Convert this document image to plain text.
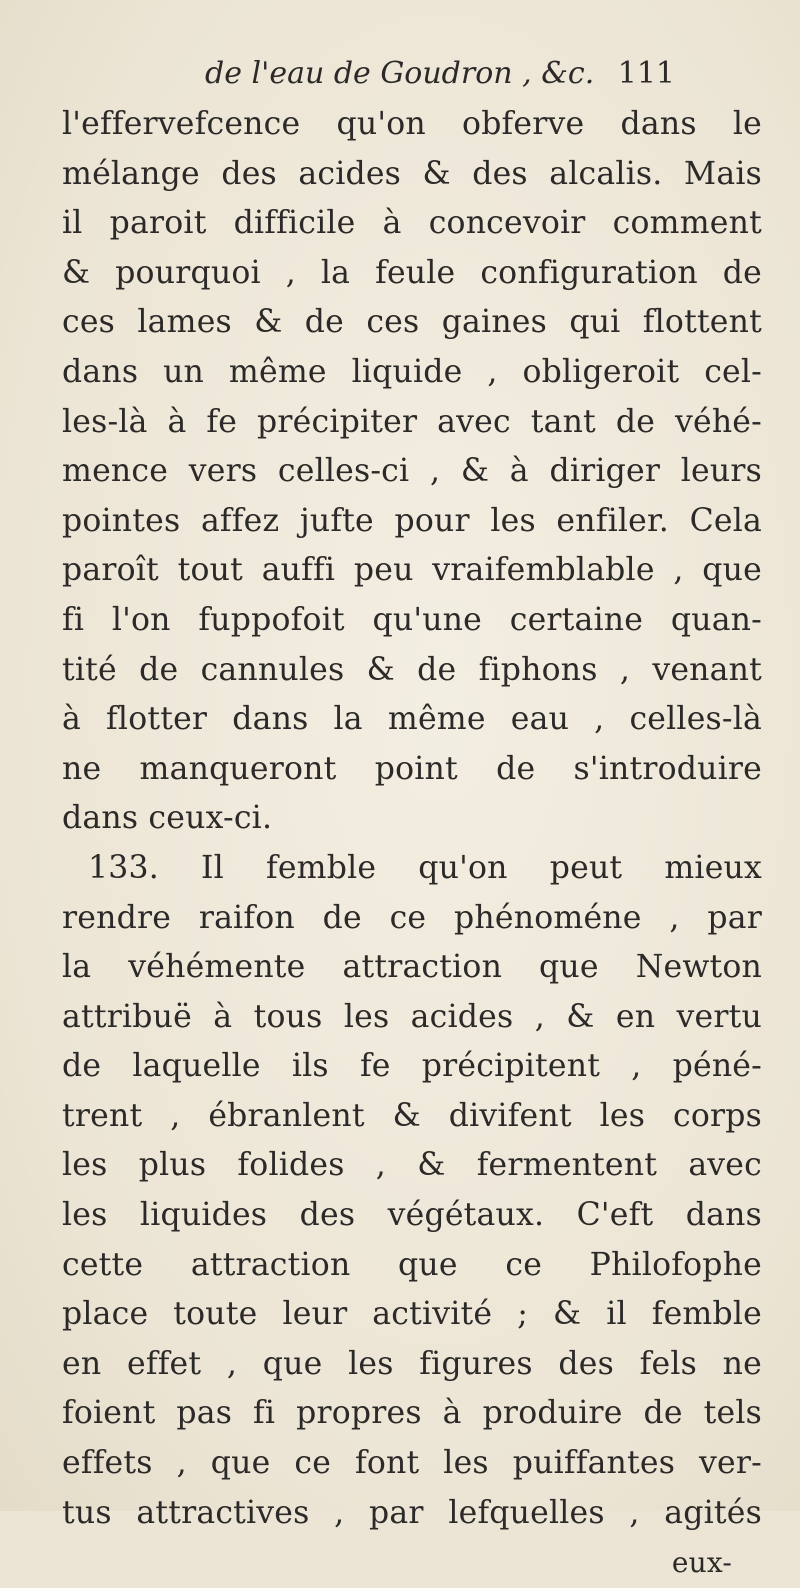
de l'eau de Goudron , &c. 111
l'effervefcence qu'on obferve dans le
mélange des acides & des alcalis. Mais
il paroit difficile à concevoir comment
& pourquoi , la feule configuration de
ces lames & de ces gaines qui flottent
dans un même liquide , obligeroit cel-
les-là à fe précipiter avec tant de véhé-
mence vers celles-ci , & à diriger leurs
pointes affez jufte pour les enfiler. Cela
paroît tout auffi peu vraifemblable , que
fi l'on fuppofoit qu'une certaine quan-
tité de cannules & de fiphons , venant
à flotter dans la même eau , celles-là
ne manqueront point de s'introduire
dans ceux-ci.
133. Il femble qu'on peut mieux
rendre raifon de ce phénoméne , par
la véhémente attraction que Newton
attribuë à tous les acides , & en vertu
de laquelle ils fe précipitent , péné-
trent , ébranlent & divifent les corps
les plus folides , & fermentent avec
les liquides des végétaux. C'eft dans
cette attraction que ce Philofophe
place toute leur activité ; & il femble
en effet , que les figures des fels ne
foient pas fi propres à produire de tels
effets , que ce font les puiffantes ver-
tus attractives , par lefquelles , agités
eux-
